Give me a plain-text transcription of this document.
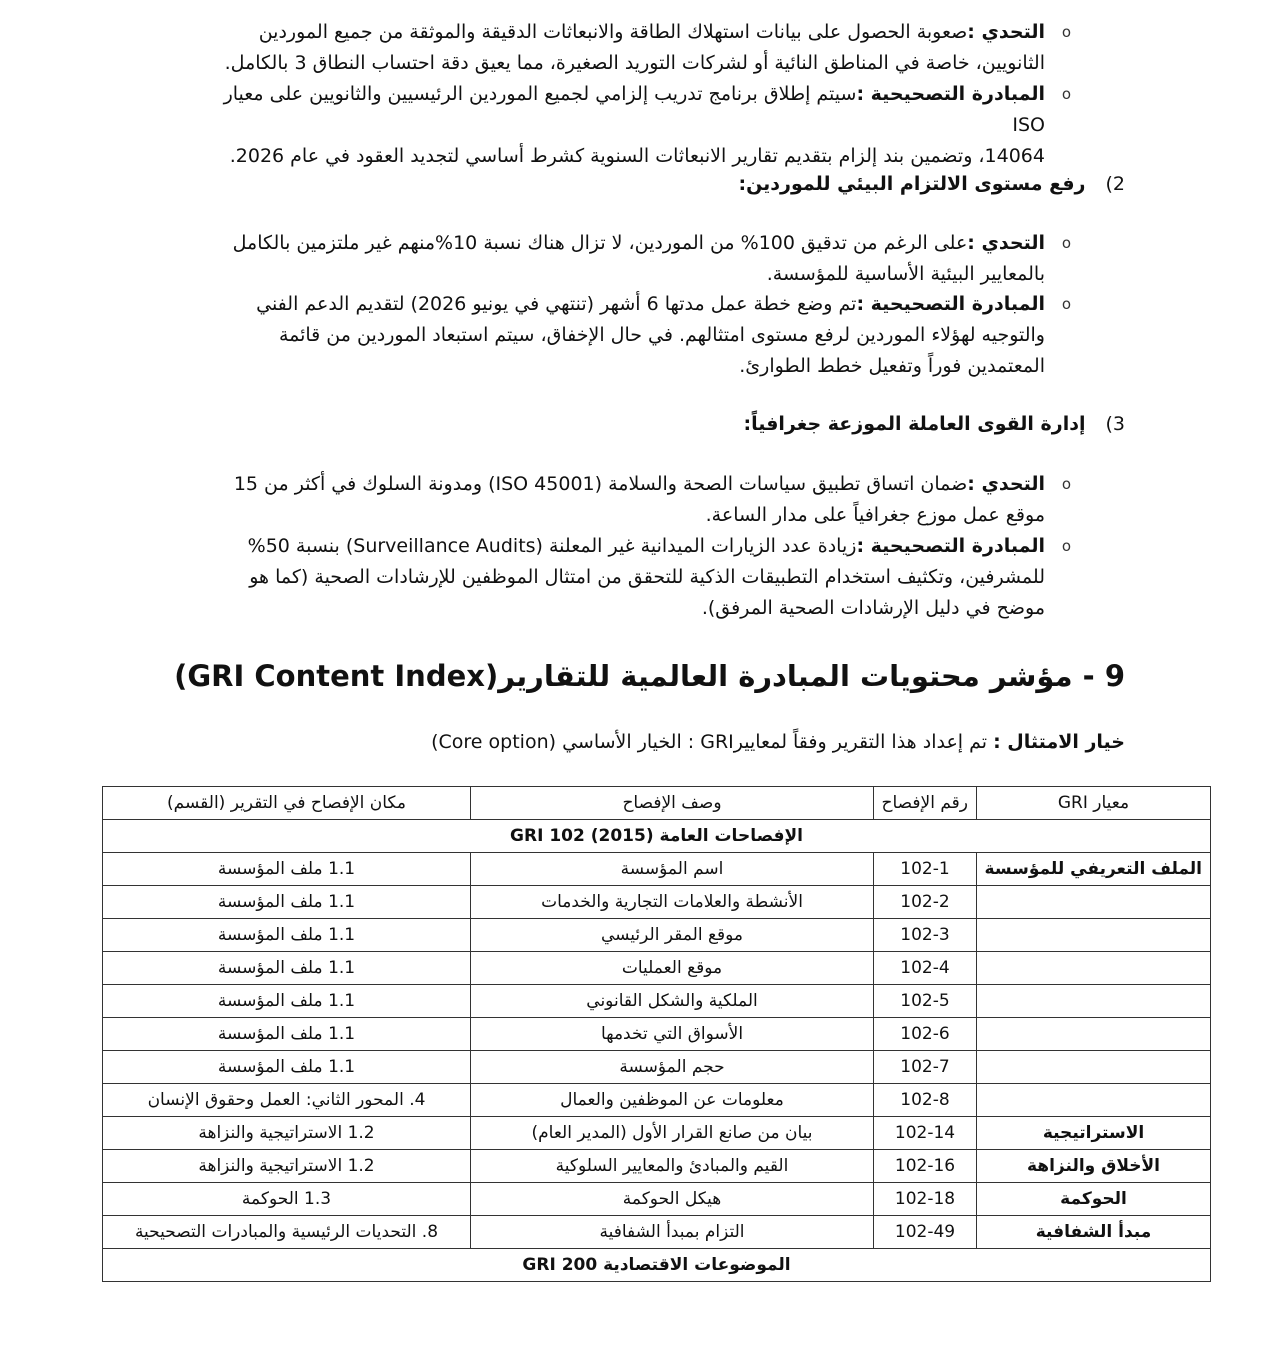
o
التحدي :صعوبة الحصول على بيانات استهلاك الطاقة والانبعاثات الدقيقة والموثقة من جميع الموردين
الثانويين، خاصة في المناطق النائية أو لشركات التوريد الصغيرة، مما يعيق دقة احتساب النطاق 3 بالكامل.
o
المبادرة التصحيحية :سيتم إطلاق برنامج تدريب إلزامي لجميع الموردين الرئيسيين والثانويين على معيار ISO
14064، وتضمين بند إلزام بتقديم تقارير الانبعاثات السنوية كشرط أساسي لتجديد العقود في عام 2026.
2)رفع مستوى الالتزام البيئي للموردين:
o
التحدي :على الرغم من تدقيق 100% من الموردين، لا تزال هناك نسبة 10%منهم غير ملتزمين بالكامل
بالمعايير البيئية الأساسية للمؤسسة.
o
المبادرة التصحيحية :تم وضع خطة عمل مدتها 6 أشهر (تنتهي في يونيو 2026) لتقديم الدعم الفني
والتوجيه لهؤلاء الموردين لرفع مستوى امتثالهم. في حال الإخفاق، سيتم استبعاد الموردين من قائمة
المعتمدين فوراً وتفعيل خطط الطوارئ.
3)إدارة القوى العاملة الموزعة جغرافياً:
o
التحدي :ضمان اتساق تطبيق سياسات الصحة والسلامة (ISO 45001) ومدونة السلوك في أكثر من 15
موقع عمل موزع جغرافياً على مدار الساعة.
o
المبادرة التصحيحية :زيادة عدد الزيارات الميدانية غير المعلنة (Surveillance Audits) بنسبة 50%
للمشرفين، وتكثيف استخدام التطبيقات الذكية للتحقق من امتثال الموظفين للإرشادات الصحية (كما هو
موضح في دليل الإرشادات الصحية المرفق).
9 - مؤشر محتويات المبادرة العالمية للتقارير(GRI Content Index)
خيار الامتثال : تم إعداد هذا التقرير وفقاً لمعاييرGRI : الخيار الأساسي (Core option)
معيار GRI	رقم الإفصاح	وصف الإفصاح	مكان الإفصاح في التقرير (القسم)
الإفصاحات العامة (2015) GRI 102			
الملف التعريفي للمؤسسة	102-1	اسم المؤسسة	1.1 ملف المؤسسة
	102-2	الأنشطة والعلامات التجارية والخدمات	1.1 ملف المؤسسة
	102-3	موقع المقر الرئيسي	1.1 ملف المؤسسة
	102-4	موقع العمليات	1.1 ملف المؤسسة
	102-5	الملكية والشكل القانوني	1.1 ملف المؤسسة
	102-6	الأسواق التي تخدمها	1.1 ملف المؤسسة
	102-7	حجم المؤسسة	1.1 ملف المؤسسة
	102-8	معلومات عن الموظفين والعمال	4. المحور الثاني: العمل وحقوق الإنسان
الاستراتيجية	102-14	بيان من صانع القرار الأول (المدير العام)	1.2 الاستراتيجية والنزاهة
الأخلاق والنزاهة	102-16	القيم والمبادئ والمعايير السلوكية	1.2 الاستراتيجية والنزاهة
الحوكمة	102-18	هيكل الحوكمة	1.3 الحوكمة
مبدأ الشفافية	102-49	التزام بمبدأ الشفافية	8. التحديات الرئيسية والمبادرات التصحيحية
الموضوعات الاقتصادية GRI 200			
